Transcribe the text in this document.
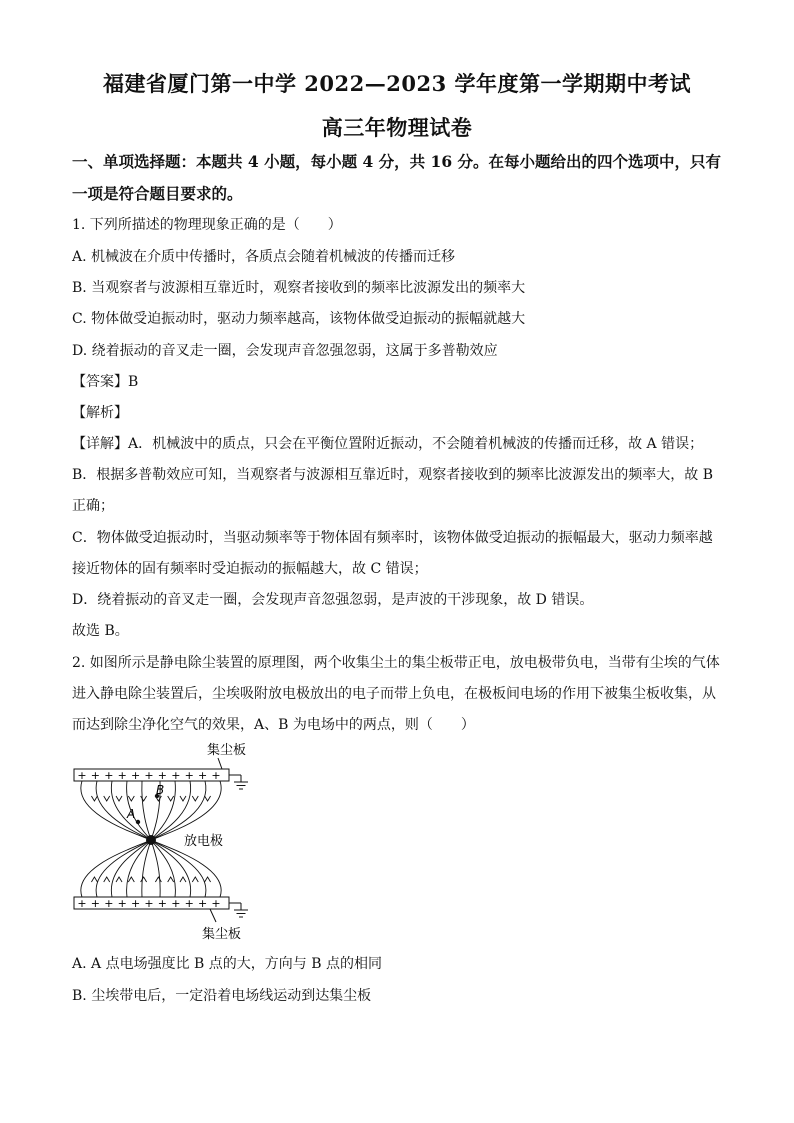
福建省厦门第一中学 2022—2023 学年度第一学期期中考试
高三年物理试卷
一、单项选择题：本题共 4 小题，每小题 4 分，共 16 分。在每小题给出的四个选项中，只有
一项是符合题目要求的。
1. 下列所描述的物理现象正确的是（　　）
A. 机械波在介质中传播时，各质点会随着机械波的传播而迁移
B. 当观察者与波源相互靠近时，观察者接收到的频率比波源发出的频率大
C. 物体做受迫振动时，驱动力频率越高，该物体做受迫振动的振幅就越大
D. 绕着振动的音叉走一圈，会发现声音忽强忽弱，这属于多普勒效应
【答案】B
【解析】
【详解】A．机械波中的质点，只会在平衡位置附近振动，不会随着机械波的传播而迁移，故 A 错误；
B．根据多普勒效应可知，当观察者与波源相互靠近时，观察者接收到的频率比波源发出的频率大，故 B
正确；
C．物体做受迫振动时，当驱动频率等于物体固有频率时，该物体做受迫振动的振幅最大，驱动力频率越
接近物体的固有频率时受迫振动的振幅越大，故 C 错误；
D．绕着振动的音叉走一圈，会发现声音忽强忽弱，是声波的干涉现象，故 D 错误。
故选 B。
2. 如图所示是静电除尘装置的原理图，两个收集尘土的集尘板带正电，放电极带负电，当带有尘埃的气体
进入静电除尘装置后，尘埃吸附放电极放出的电子而带上负电，在极板间电场的作用下被集尘板收集，从
而达到除尘净化空气的效果，A、B 为电场中的两点，则（　　）
+ + + + + + + + + + +
集尘板
+ + + + + + + + + + +
集尘板
放电极
A
B
A. A 点电场强度比 B 点的大，方向与 B 点的相同
B. 尘埃带电后，一定沿着电场线运动到达集尘板
